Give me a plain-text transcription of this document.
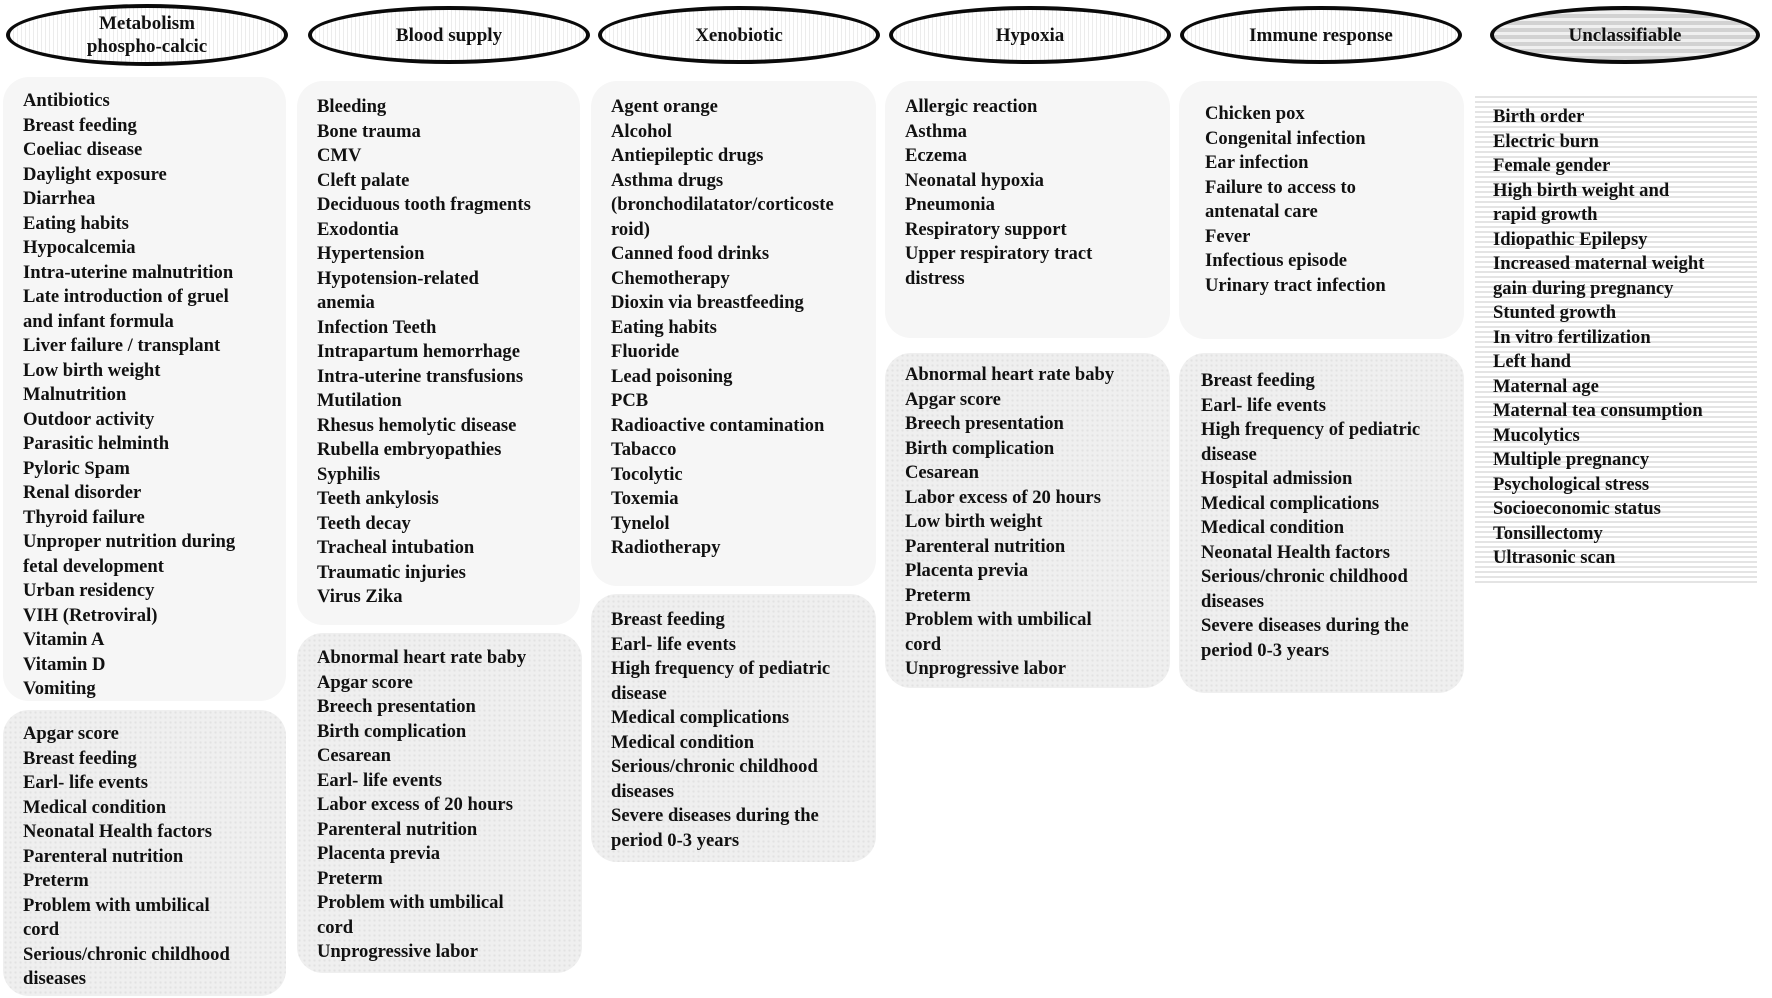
Metabolism
phospho-calcic
Blood supply	Xenobiotic	Hypoxia	Immune response	Unclassifiable
Antibiotics
Breast feeding
Coeliac disease
Daylight exposure
Diarrhea
Eating habits
Hypocalcemia
Intra-uterine malnutrition
Late introduction of gruel
and infant formula
Liver failure / transplant
Low birth weight
Malnutrition
Outdoor activity
Parasitic helminth
Pyloric Spam
Renal disorder
Thyroid failure
Unproper nutrition during
fetal development
Urban residency
VIH (Retroviral)
Vitamin A
Vitamin D
Vomiting
Apgar score
Breast feeding
Earl- life events
Medical condition
Neonatal Health factors
Parenteral nutrition
Preterm
Problem with umbilical
cord
Serious/chronic childhood
diseases
Bleeding
Bone trauma
CMV
Cleft palate
Deciduous tooth fragments
Exodontia
Hypertension
Hypotension-related
anemia
Infection Teeth
Intrapartum hemorrhage
Intra-uterine transfusions
Mutilation
Rhesus hemolytic disease
Rubella embryopathies
Syphilis
Teeth ankylosis
Teeth decay
Tracheal intubation
Traumatic injuries
Virus Zika
Abnormal heart rate baby
Apgar score
Breech presentation
Birth complication
Cesarean
Earl- life events
Labor excess of 20 hours
Parenteral nutrition
Placenta previa
Preterm
Problem with umbilical
cord
Unprogressive labor
Agent orange
Alcohol
Antiepileptic drugs
Asthma drugs
(bronchodilatator/corticoste
roid)
Canned food drinks
Chemotherapy
Dioxin via breastfeeding
Eating habits
Fluoride
Lead poisoning
PCB
Radioactive contamination
Tabacco
Tocolytic
Toxemia
Tynelol
Radiotherapy
Breast feeding
Earl- life events
High frequency of pediatric
disease
Medical complications
Medical condition
Serious/chronic childhood
diseases
Severe diseases during the
period 0-3 years
Allergic reaction
Asthma
Eczema
Neonatal hypoxia
Pneumonia
Respiratory support
Upper respiratory tract
distress
Abnormal heart rate baby
Apgar score
Breech presentation
Birth complication
Cesarean
Labor excess of 20 hours
Low birth weight
Parenteral nutrition
Placenta previa
Preterm
Problem with umbilical
cord
Unprogressive labor
Chicken pox
Congenital infection
Ear infection
Failure to access to
antenatal care
Fever
Infectious episode
Urinary tract infection
Breast feeding
Earl- life events
High frequency of pediatric
disease
Hospital admission
Medical complications
Medical condition
Neonatal Health factors
Serious/chronic childhood
diseases
Severe diseases during the
period 0-3 years
Birth order
Electric burn
Female gender
High birth weight and
rapid growth
Idiopathic Epilepsy
Increased maternal weight
gain during pregnancy
Stunted growth
In vitro fertilization
Left hand
Maternal age
Maternal tea consumption
Mucolytics
Multiple pregnancy
Psychological stress
Socioeconomic status
Tonsillectomy
Ultrasonic scan
